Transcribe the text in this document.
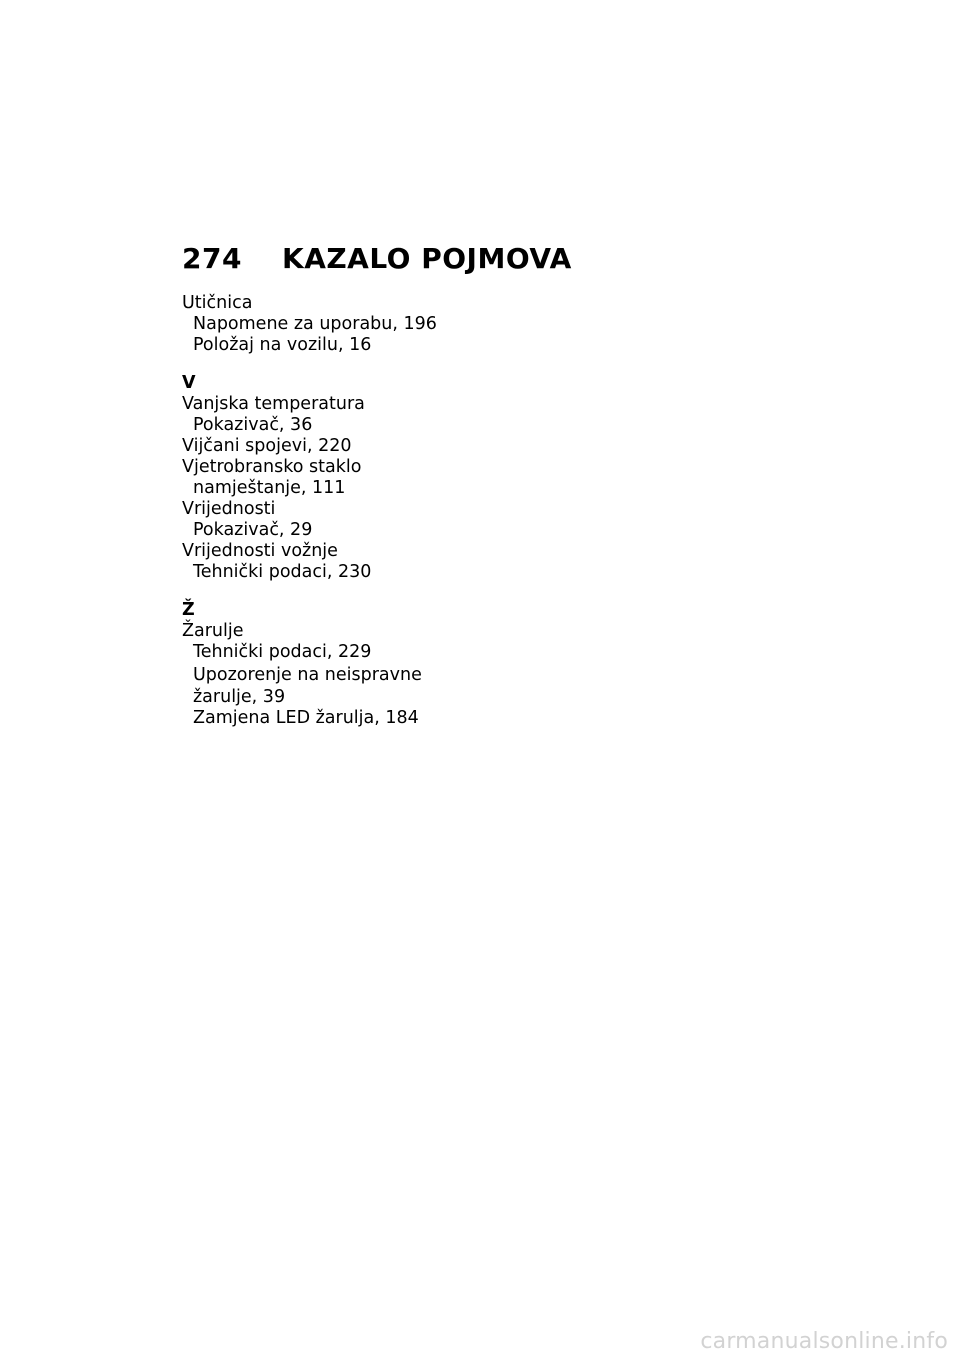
274	KAZALO POJMOVA
Utičnica
Napomene za uporabu, 196
Položaj na vozilu, 16
V
Vanjska temperatura
Pokazivač, 36
Vijčani spojevi, 220
Vjetrobransko staklo
namještanje, 111
Vrijednosti
Pokazivač, 29
Vrijednosti vožnje
Tehnički podaci, 230
Ž
Žarulje
Tehnički podaci, 229
Upozorenje na neispravne
žarulje, 39
Zamjena LED žarulja, 184
carmanualsonline.info
